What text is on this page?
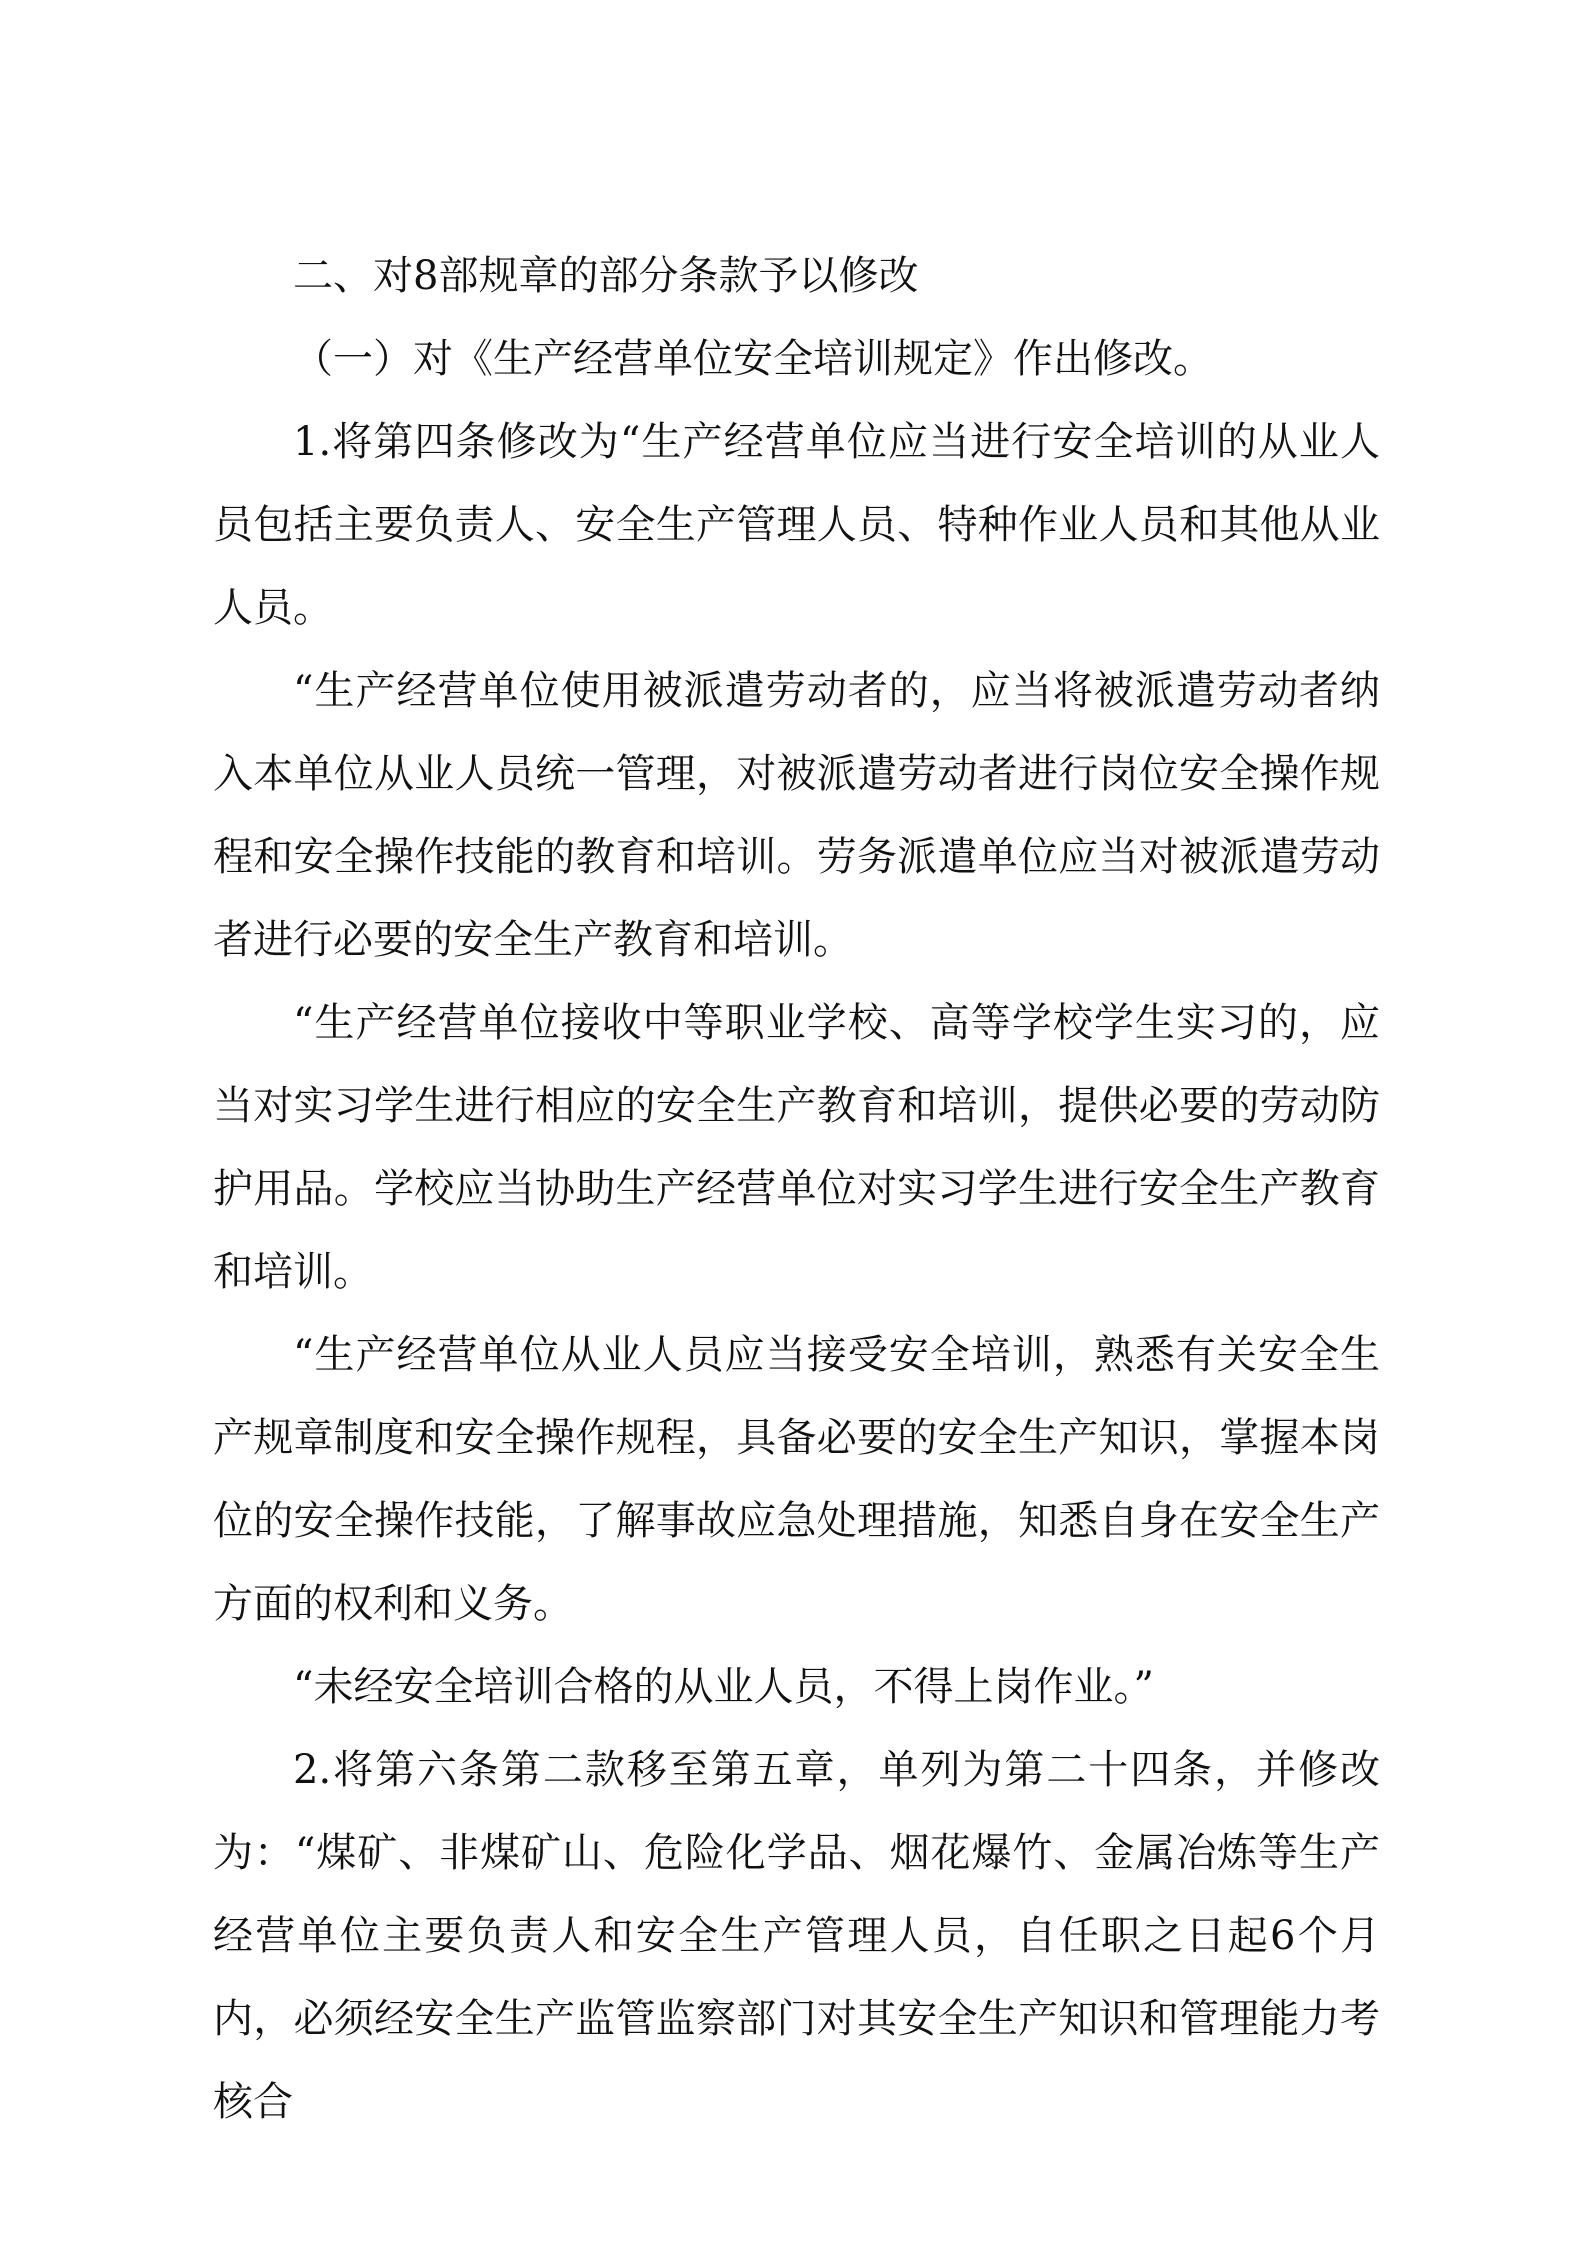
二、对8部规章的部分条款予以修改

（一）对《生产经营单位安全培训规定》作出修改。

1.将第四条修改为“生产经营单位应当进行安全培训的从业人员包括主要负责人、安全生产管理人员、特种作业人员和其他从业人员。

“生产经营单位使用被派遣劳动者的，应当将被派遣劳动者纳入本单位从业人员统一管理，对被派遣劳动者进行岗位安全操作规程和安全操作技能的教育和培训。劳务派遣单位应当对被派遣劳动者进行必要的安全生产教育和培训。

“生产经营单位接收中等职业学校、高等学校学生实习的，应当对实习学生进行相应的安全生产教育和培训，提供必要的劳动防护用品。学校应当协助生产经营单位对实习学生进行安全生产教育和培训。

“生产经营单位从业人员应当接受安全培训，熟悉有关安全生产规章制度和安全操作规程，具备必要的安全生产知识，掌握本岗位的安全操作技能，了解事故应急处理措施，知悉自身在安全生产方面的权利和义务。

“未经安全培训合格的从业人员，不得上岗作业。”

2.将第六条第二款移至第五章，单列为第二十四条，并修改为：“煤矿、非煤矿山、危险化学品、烟花爆竹、金属冶炼等生产经营单位主要负责人和安全生产管理人员，自任职之日起6个月内，必须经安全生产监管监察部门对其安全生产知识和管理能力考核合
